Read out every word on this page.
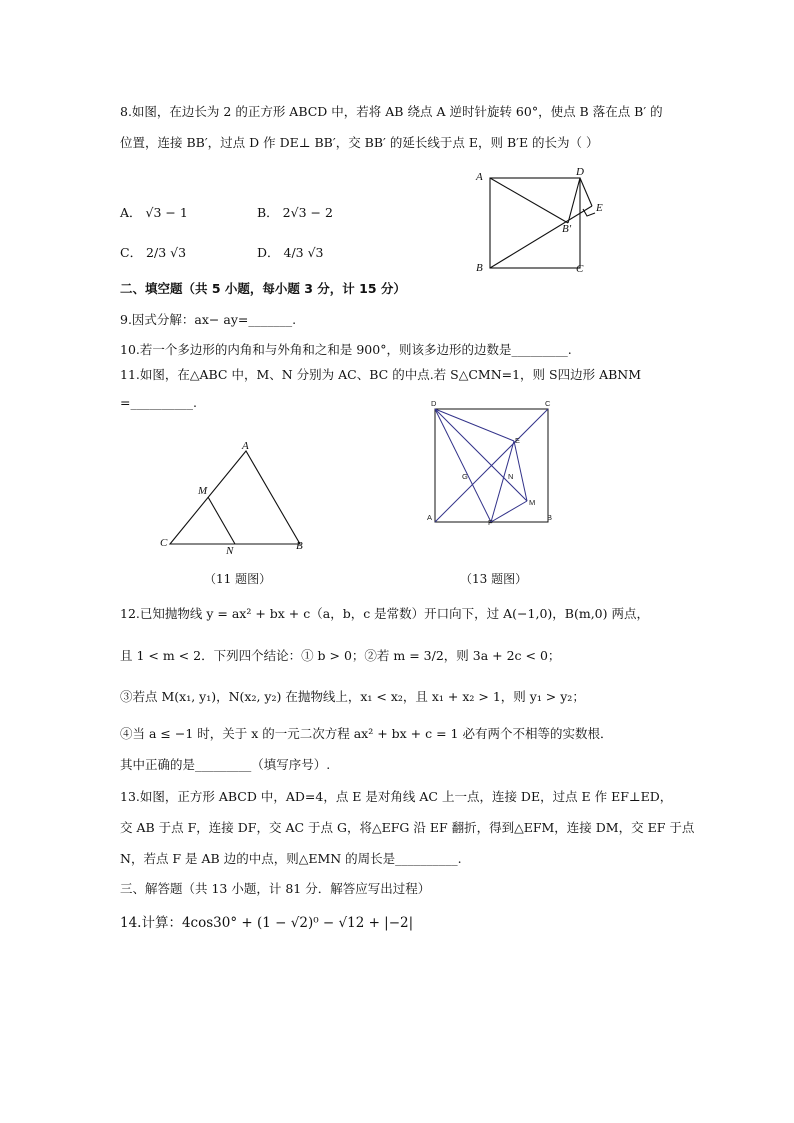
8.如图，在边长为 2 的正方形 ABCD 中，若将 AB 绕点 A 逆时针旋转 60°，使点 B 落在点 B′ 的
位置，连接 BB′，过点 D 作 DE⊥ BB′，交 BB′ 的延长线于点 E，则 B′E 的长为（ ）
A． √3 − 1	B． 2√3 − 2
C． 2/3 √3	D． 4/3 √3
A
B	C
D
E
B′
二、填空题（共 5 小题，每小题 3 分，计 15 分）
9.因式分解：ax− ay=_______.
10.若一个多边形的内角和与外角和之和是 900°，则该多边形的边数是_________.
11.如图，在△ABC 中，M、N 分别为 AC、BC 的中点.若 S△CMN=1，则 S四边形 ABNM
=__________.
A
M
C
N	B
（11 题图）
D	C
E
G	N
M
A
F
B
（13 题图）
12.已知抛物线 y = ax² + bx + c（a，b，c 是常数）开口向下，过 A(−1,0)，B(m,0) 两点，
且 1 < m < 2．下列四个结论：① b > 0；②若 m = 3/2，则 3a + 2c < 0；
③若点 M(x₁, y₁)，N(x₂, y₂) 在抛物线上，x₁ < x₂，且 x₁ + x₂ > 1，则 y₁ > y₂；
④当 a ≤ −1 时，关于 x 的一元二次方程 ax² + bx + c = 1 必有两个不相等的实数根．
其中正确的是_________（填写序号）.
13.如图，正方形 ABCD 中，AD=4，点 E 是对角线 AC 上一点，连接 DE，过点 E 作 EF⊥ED，
交 AB 于点 F，连接 DF，交 AC 于点 G，将△EFG 沿 EF 翻折，得到△EFM，连接 DM，交 EF 于点
N，若点 F 是 AB 边的中点，则△EMN 的周长是__________.
三、解答题（共 13 小题，计 81 分．解答应写出过程）
14.计算：4cos30° + (1 − √2)⁰ − √12 + |−2|
